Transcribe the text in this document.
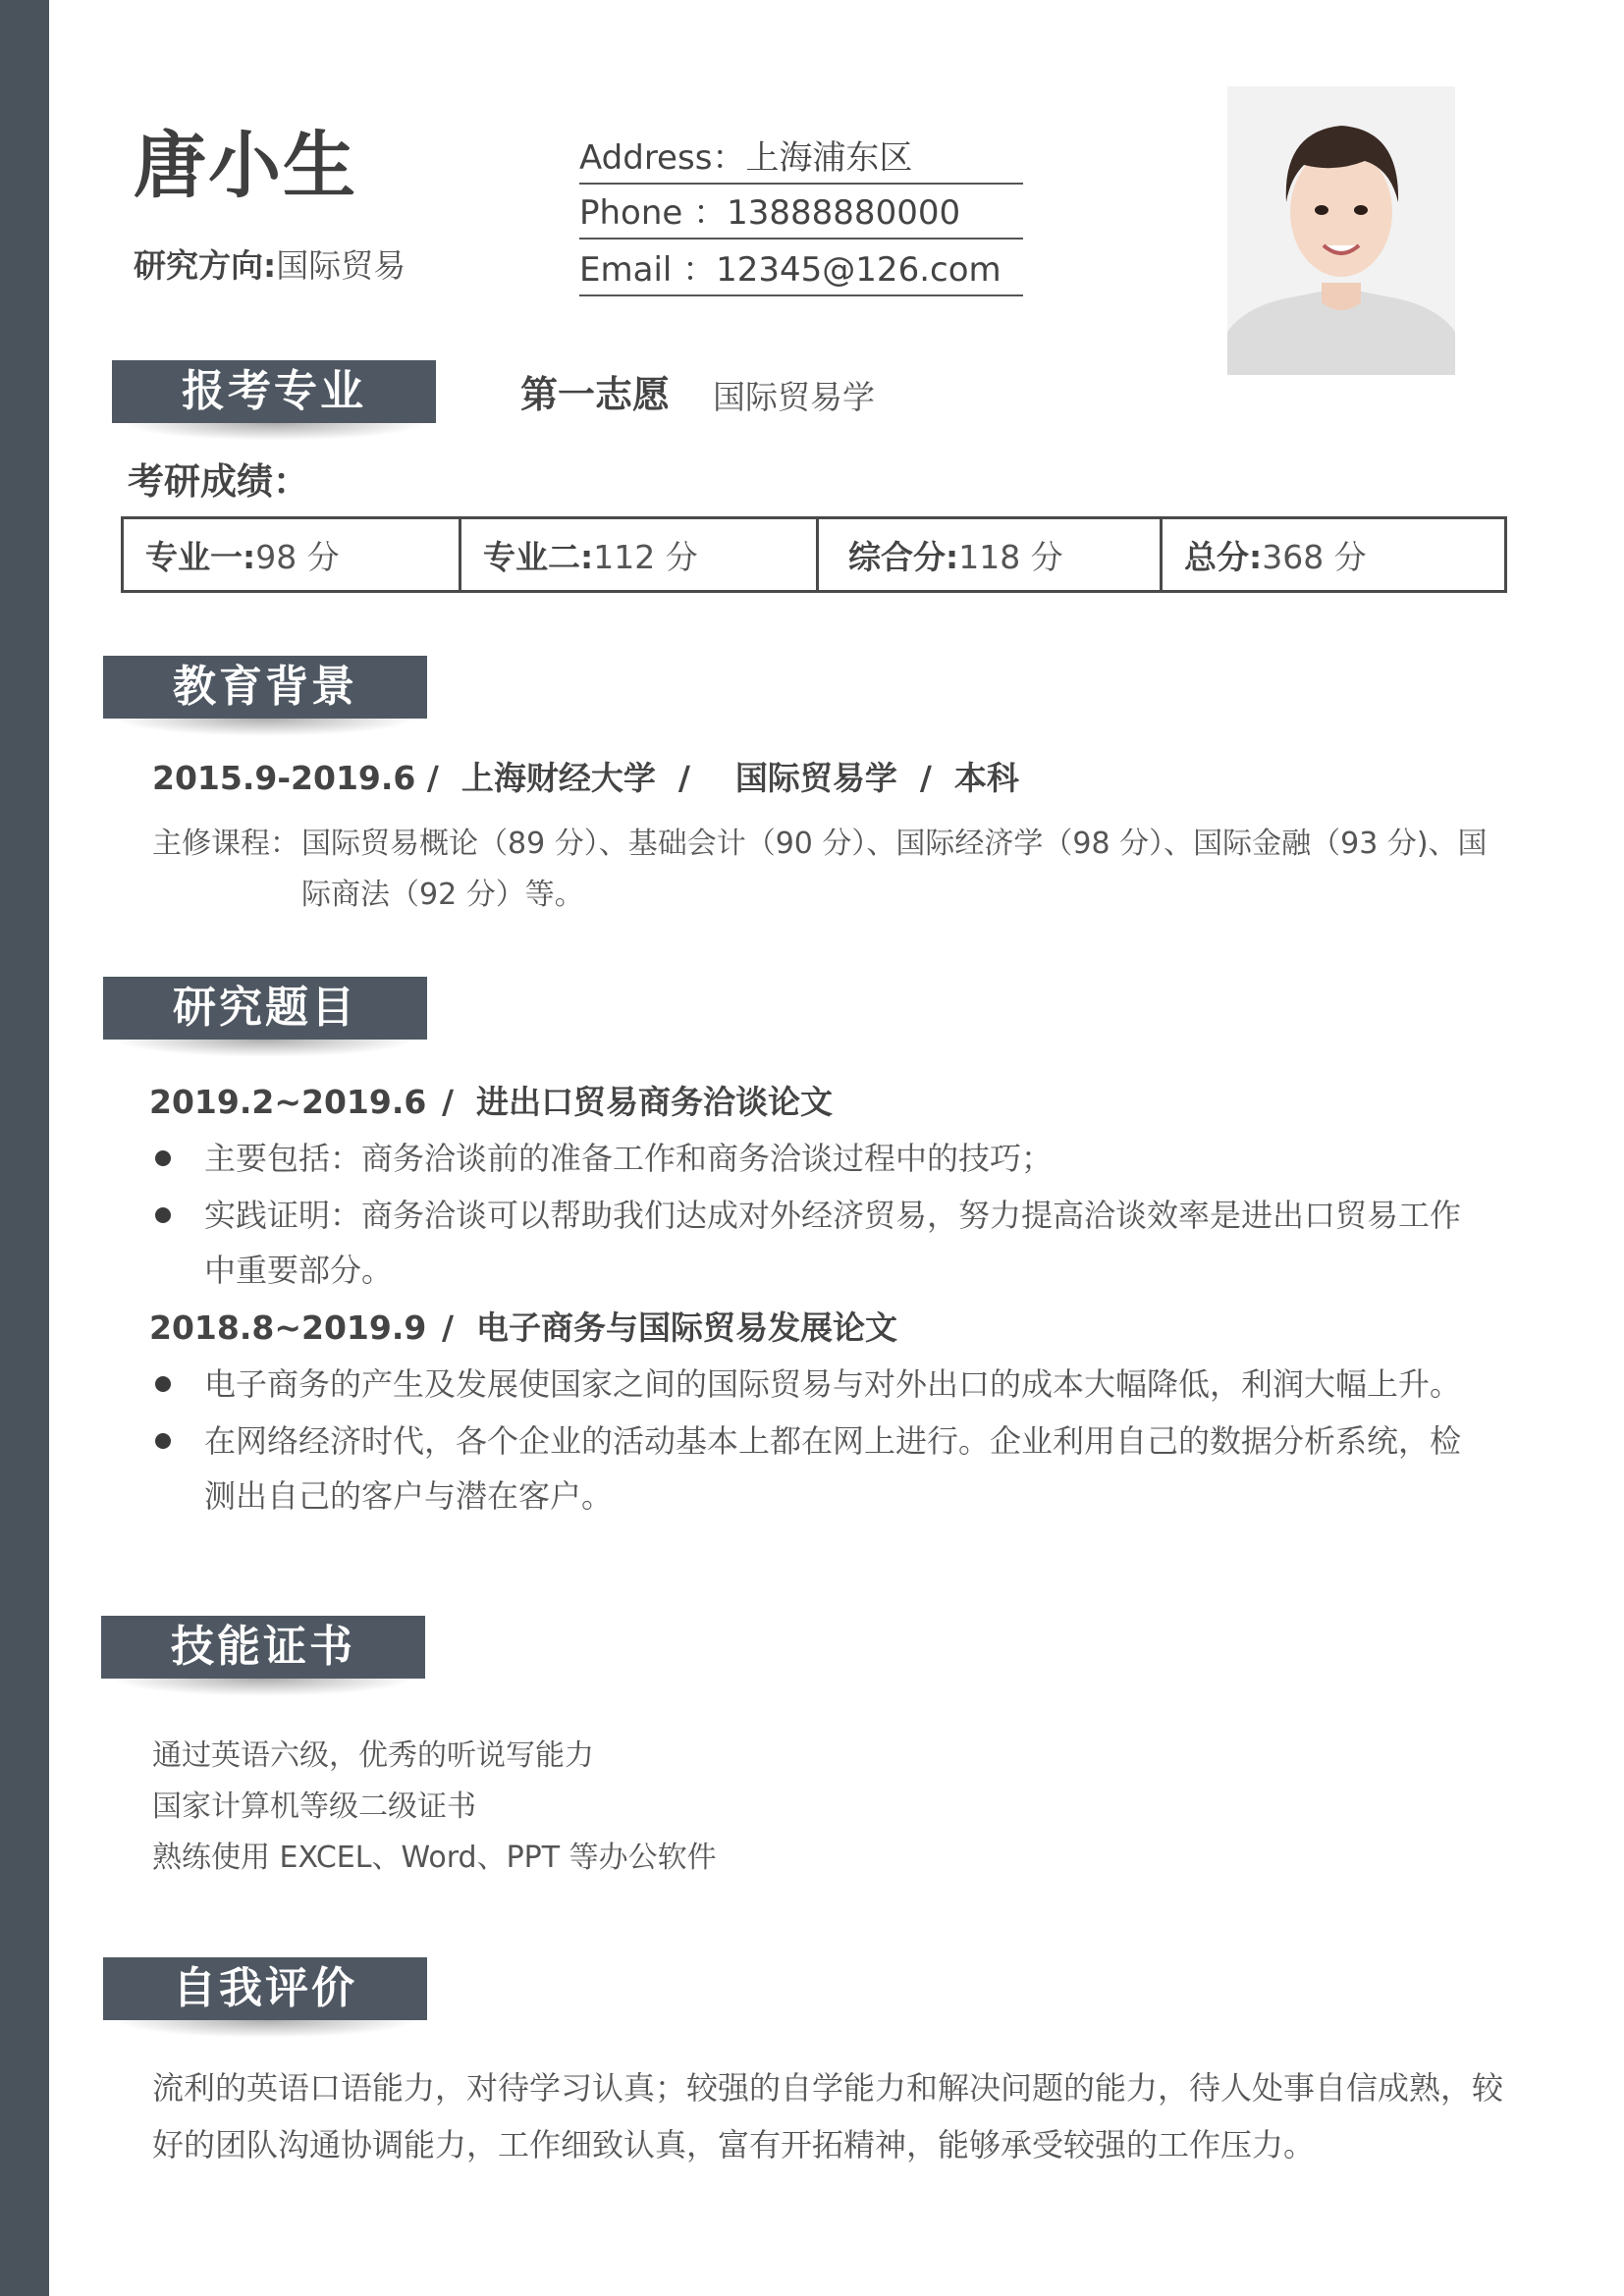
唐小生
研究方向:国际贸易
Address：上海浦东区
Phone ：13888880000
Email ：12345@126.com
报考专业	第一志愿 国际贸易学
考研成绩：
专业一: 98 分	专业二: 112 分	综合分: 118 分	总分: 368 分
教育背景
2015.9-2019.6 /  上海财经大学  /    国际贸易学  /  本科
主修课程：国际贸易概论（89 分）、基础会计（90 分）、国际经济学（98 分）、国际金融（93 分)、国际商法（92 分）等。
研究题目
2019.2~2019.6 /  进出口贸易商务洽谈论文
主要包括：商务洽谈前的准备工作和商务洽谈过程中的技巧；
实践证明：商务洽谈可以帮助我们达成对外经济贸易，努力提高洽谈效率是进出口贸易工作中重要部分。
2018.8~2019.9 /  电子商务与国际贸易发展论文
电子商务的产生及发展使国家之间的国际贸易与对外出口的成本大幅降低，利润大幅上升。
在网络经济时代，各个企业的活动基本上都在网上进行。企业利用自己的数据分析系统，检测出自己的客户与潜在客户。
技能证书
通过英语六级，优秀的听说写能力
国家计算机等级二级证书
熟练使用 EXCEL、Word、PPT 等办公软件
自我评价
流利的英语口语能力，对待学习认真；较强的自学能力和解决问题的能力，待人处事自信成熟，较好的团队沟通协调能力，工作细致认真，富有开拓精神，能够承受较强的工作压力。
